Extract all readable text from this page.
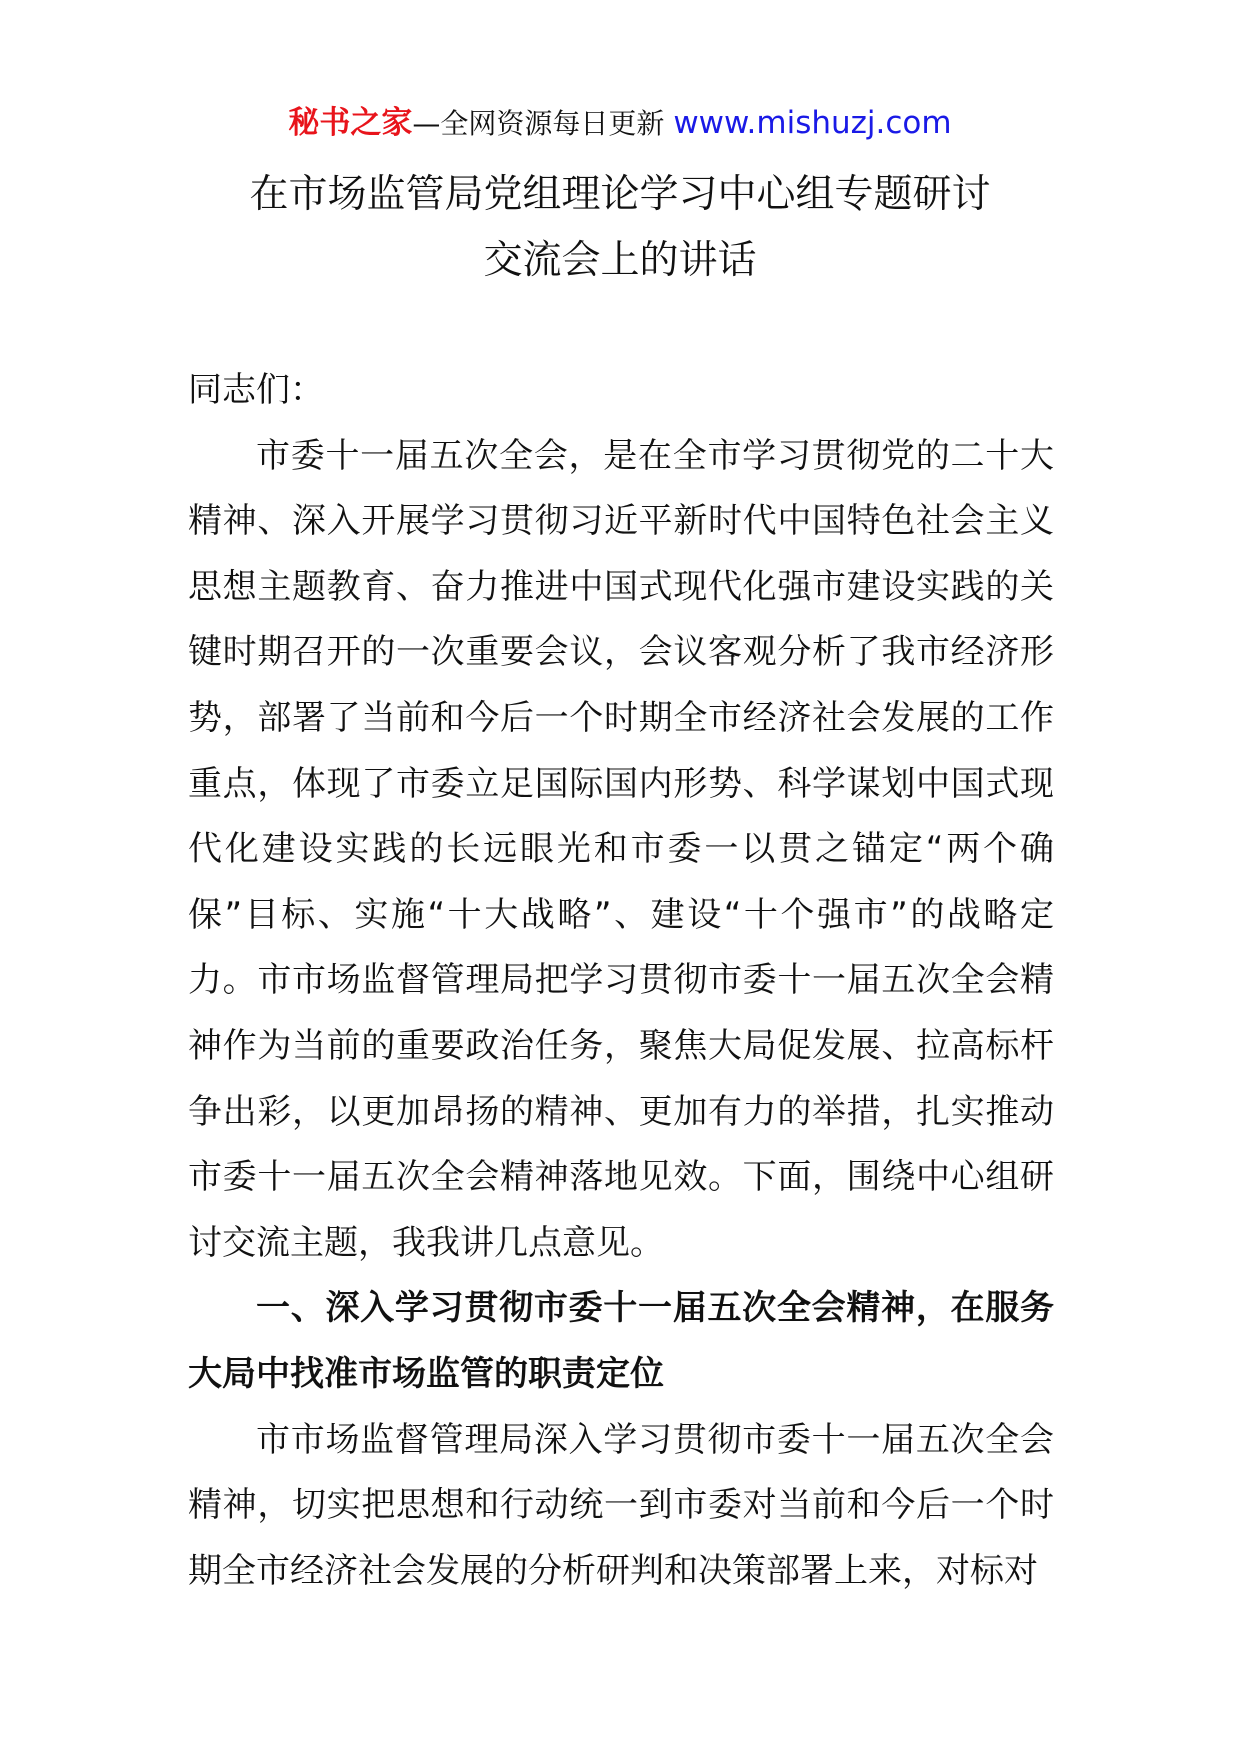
秘书之家—全网资源每日更新 www.mishuzj.com
在市场监管局党组理论学习中心组专题研讨
交流会上的讲话

同志们：

市委十一届五次全会，是在全市学习贯彻党的二十大精神、深入开展学习贯彻习近平新时代中国特色社会主义思想主题教育、奋力推进中国式现代化强市建设实践的关键时期召开的一次重要会议，会议客观分析了我市经济形势，部署了当前和今后一个时期全市经济社会发展的工作重点，体现了市委立足国际国内形势、科学谋划中国式现代化建设实践的长远眼光和市委一以贯之锚定“两个确保”目标、实施“十大战略”、建设“十个强市”的战略定力。市市场监督管理局把学习贯彻市委十一届五次全会精神作为当前的重要政治任务，聚焦大局促发展、拉高标杆争出彩，以更加昂扬的精神、更加有力的举措，扎实推动市委十一届五次全会精神落地见效。下面，围绕中心组研讨交流主题，我我讲几点意见。

一、深入学习贯彻市委十一届五次全会精神，在服务大局中找准市场监管的职责定位

市市场监督管理局深入学习贯彻市委十一届五次全会精神，切实把思想和行动统一到市委对当前和今后一个时期全市经济社会发展的分析研判和决策部署上来，对标对
